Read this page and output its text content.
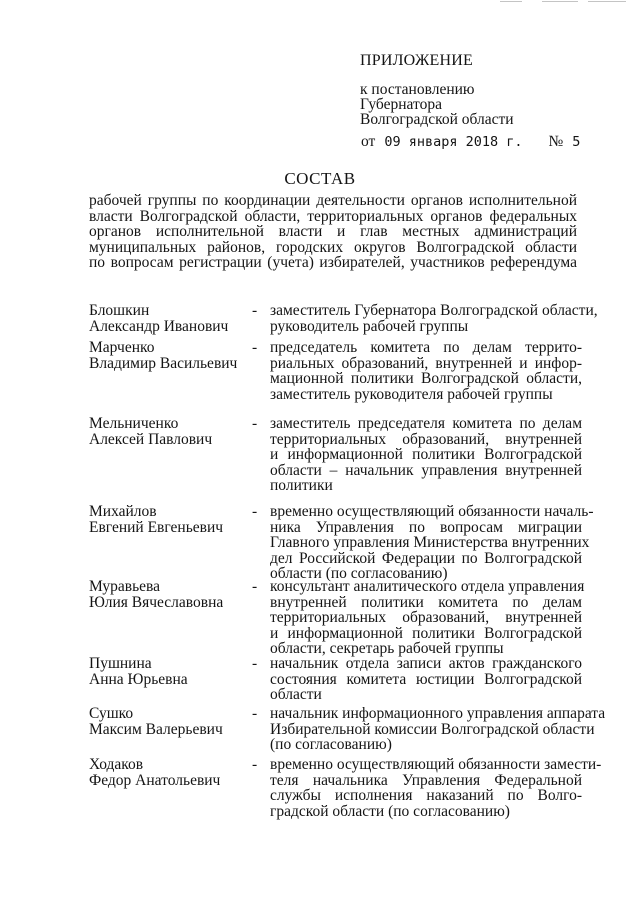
ПРИЛОЖЕНИЕ
к постановлению
Губернатора
Волгоградской области
от 09 января 2018 г. № 5
СОСТАВ
рабочей группы по координации деятельности органов исполнительной
власти Волгоградской области, территориальных органов федеральных
органов исполнительной власти и глав местных администраций
муниципальных районов, городских округов Волгоградской области
по вопросам регистрации (учета) избирателей, участников референдума
Блошкин
Александр Иванович
- заместитель Губернатора Волгоградской области,
руководитель рабочей группы
Марченко
Владимир Васильевич
- председатель комитета по делам террито-
риальных образований, внутренней и инфор-
мационной политики Волгоградской области,
заместитель руководителя рабочей группы
Мельниченко
Алексей Павлович
- заместитель председателя комитета по делам
территориальных образований, внутренней
и информационной политики Волгоградской
области – начальник управления внутренней
политики
Михайлов
Евгений Евгеньевич
- временно осуществляющий обязанности началь-
ника Управления по вопросам миграции
Главного управления Министерства внутренних
дел Российской Федерации по Волгоградской
области (по согласованию)
Муравьева
Юлия Вячеславовна
- консультант аналитического отдела управления
внутренней политики комитета по делам
территориальных образований, внутренней
и информационной политики Волгоградской
области, секретарь рабочей группы
Пушнина
Анна Юрьевна
- начальник отдела записи актов гражданского
состояния комитета юстиции Волгоградской
области
Сушко
Максим Валерьевич
- начальник информационного управления аппарата
Избирательной комиссии Волгоградской области
(по согласованию)
Ходаков
Федор Анатольевич
- временно осуществляющий обязанности замести-
теля начальника Управления Федеральной
службы исполнения наказаний по Волго-
градской области (по согласованию)
